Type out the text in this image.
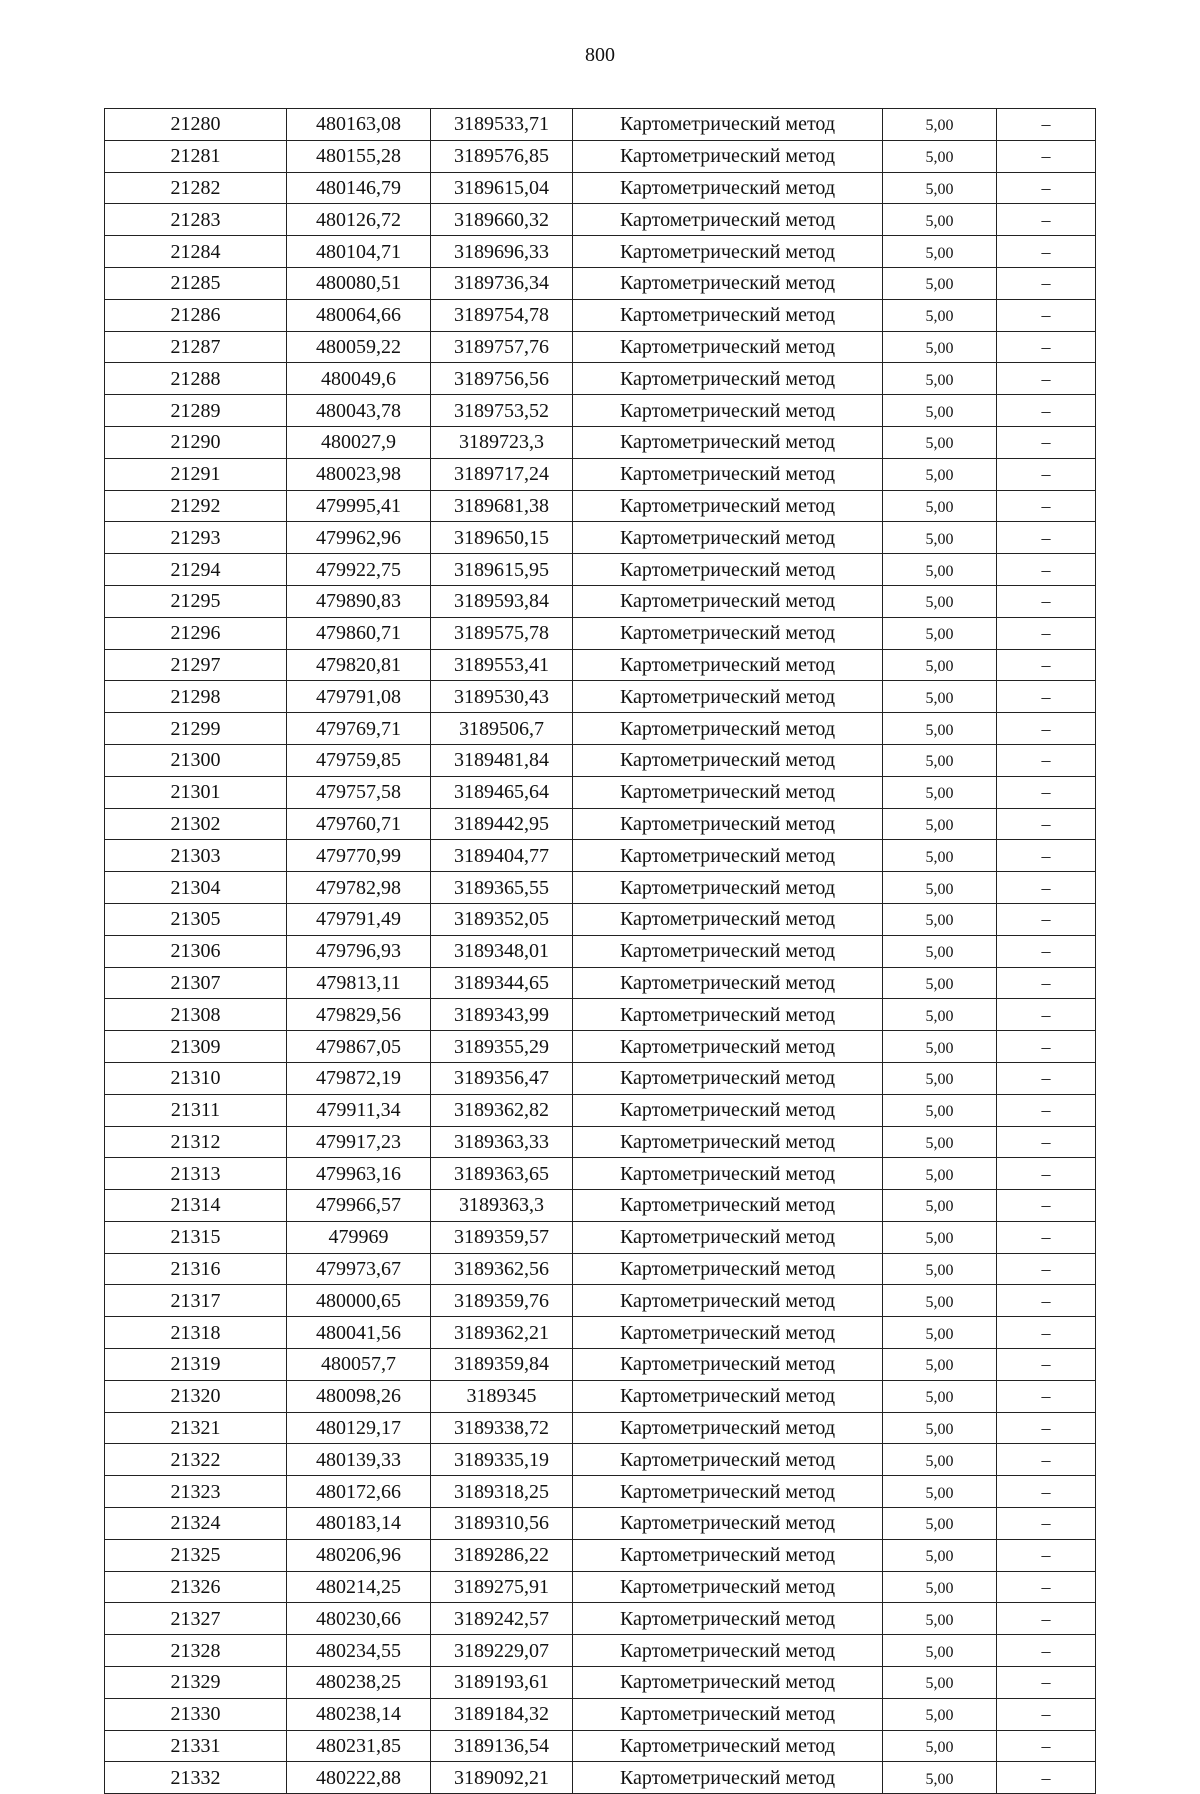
800
21280	480163,08	3189533,71	Картометрический метод	5,00	–
21281	480155,28	3189576,85	Картометрический метод	5,00	–
21282	480146,79	3189615,04	Картометрический метод	5,00	–
21283	480126,72	3189660,32	Картометрический метод	5,00	–
21284	480104,71	3189696,33	Картометрический метод	5,00	–
21285	480080,51	3189736,34	Картометрический метод	5,00	–
21286	480064,66	3189754,78	Картометрический метод	5,00	–
21287	480059,22	3189757,76	Картометрический метод	5,00	–
21288	480049,6	3189756,56	Картометрический метод	5,00	–
21289	480043,78	3189753,52	Картометрический метод	5,00	–
21290	480027,9	3189723,3	Картометрический метод	5,00	–
21291	480023,98	3189717,24	Картометрический метод	5,00	–
21292	479995,41	3189681,38	Картометрический метод	5,00	–
21293	479962,96	3189650,15	Картометрический метод	5,00	–
21294	479922,75	3189615,95	Картометрический метод	5,00	–
21295	479890,83	3189593,84	Картометрический метод	5,00	–
21296	479860,71	3189575,78	Картометрический метод	5,00	–
21297	479820,81	3189553,41	Картометрический метод	5,00	–
21298	479791,08	3189530,43	Картометрический метод	5,00	–
21299	479769,71	3189506,7	Картометрический метод	5,00	–
21300	479759,85	3189481,84	Картометрический метод	5,00	–
21301	479757,58	3189465,64	Картометрический метод	5,00	–
21302	479760,71	3189442,95	Картометрический метод	5,00	–
21303	479770,99	3189404,77	Картометрический метод	5,00	–
21304	479782,98	3189365,55	Картометрический метод	5,00	–
21305	479791,49	3189352,05	Картометрический метод	5,00	–
21306	479796,93	3189348,01	Картометрический метод	5,00	–
21307	479813,11	3189344,65	Картометрический метод	5,00	–
21308	479829,56	3189343,99	Картометрический метод	5,00	–
21309	479867,05	3189355,29	Картометрический метод	5,00	–
21310	479872,19	3189356,47	Картометрический метод	5,00	–
21311	479911,34	3189362,82	Картометрический метод	5,00	–
21312	479917,23	3189363,33	Картометрический метод	5,00	–
21313	479963,16	3189363,65	Картометрический метод	5,00	–
21314	479966,57	3189363,3	Картометрический метод	5,00	–
21315	479969	3189359,57	Картометрический метод	5,00	–
21316	479973,67	3189362,56	Картометрический метод	5,00	–
21317	480000,65	3189359,76	Картометрический метод	5,00	–
21318	480041,56	3189362,21	Картометрический метод	5,00	–
21319	480057,7	3189359,84	Картометрический метод	5,00	–
21320	480098,26	3189345	Картометрический метод	5,00	–
21321	480129,17	3189338,72	Картометрический метод	5,00	–
21322	480139,33	3189335,19	Картометрический метод	5,00	–
21323	480172,66	3189318,25	Картометрический метод	5,00	–
21324	480183,14	3189310,56	Картометрический метод	5,00	–
21325	480206,96	3189286,22	Картометрический метод	5,00	–
21326	480214,25	3189275,91	Картометрический метод	5,00	–
21327	480230,66	3189242,57	Картометрический метод	5,00	–
21328	480234,55	3189229,07	Картометрический метод	5,00	–
21329	480238,25	3189193,61	Картометрический метод	5,00	–
21330	480238,14	3189184,32	Картометрический метод	5,00	–
21331	480231,85	3189136,54	Картометрический метод	5,00	–
21332	480222,88	3189092,21	Картометрический метод	5,00	–
